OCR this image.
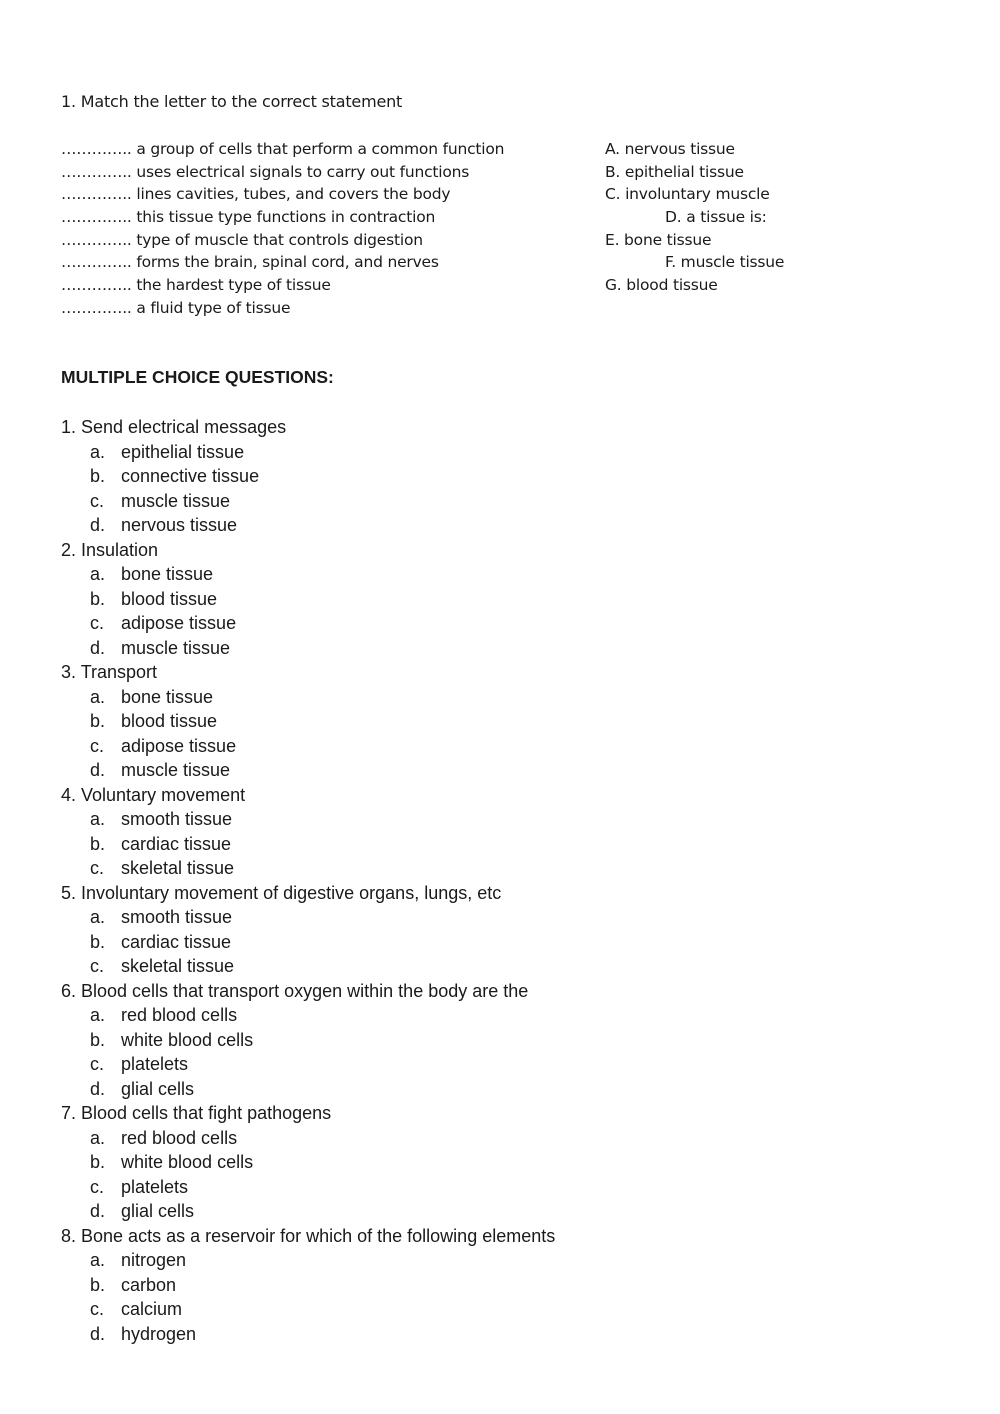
1. Match the letter to the correct statement
………….. a group of cells that perform a common function
………….. uses electrical signals to carry out functions
………….. lines cavities, tubes, and covers the body
………….. this tissue type functions in contraction
………….. type of muscle that controls digestion
………….. forms the brain, spinal cord, and nerves
………….. the hardest type of tissue
………….. a fluid type of tissue
A. nervous tissue
B. epithelial tissue
C. involuntary muscle
D. a tissue is:
E. bone tissue
F. muscle tissue
G. blood tissue
MULTIPLE CHOICE QUESTIONS:
1. Send electrical messages
a. epithelial tissue
b. connective tissue
c. muscle tissue
d. nervous tissue
2. Insulation
a. bone tissue
b. blood tissue
c. adipose tissue
d. muscle tissue
3. Transport
a. bone tissue
b. blood tissue
c. adipose tissue
d. muscle tissue
4. Voluntary movement
a. smooth tissue
b. cardiac tissue
c. skeletal tissue
5. Involuntary movement of digestive organs, lungs, etc
a. smooth tissue
b. cardiac tissue
c. skeletal tissue
6. Blood cells that transport oxygen within the body are the
a. red blood cells
b. white blood cells
c. platelets
d. glial cells
7. Blood cells that fight pathogens
a. red blood cells
b. white blood cells
c. platelets
d. glial cells
8. Bone acts as a reservoir for which of the following elements
a. nitrogen
b. carbon
c. calcium
d. hydrogen
